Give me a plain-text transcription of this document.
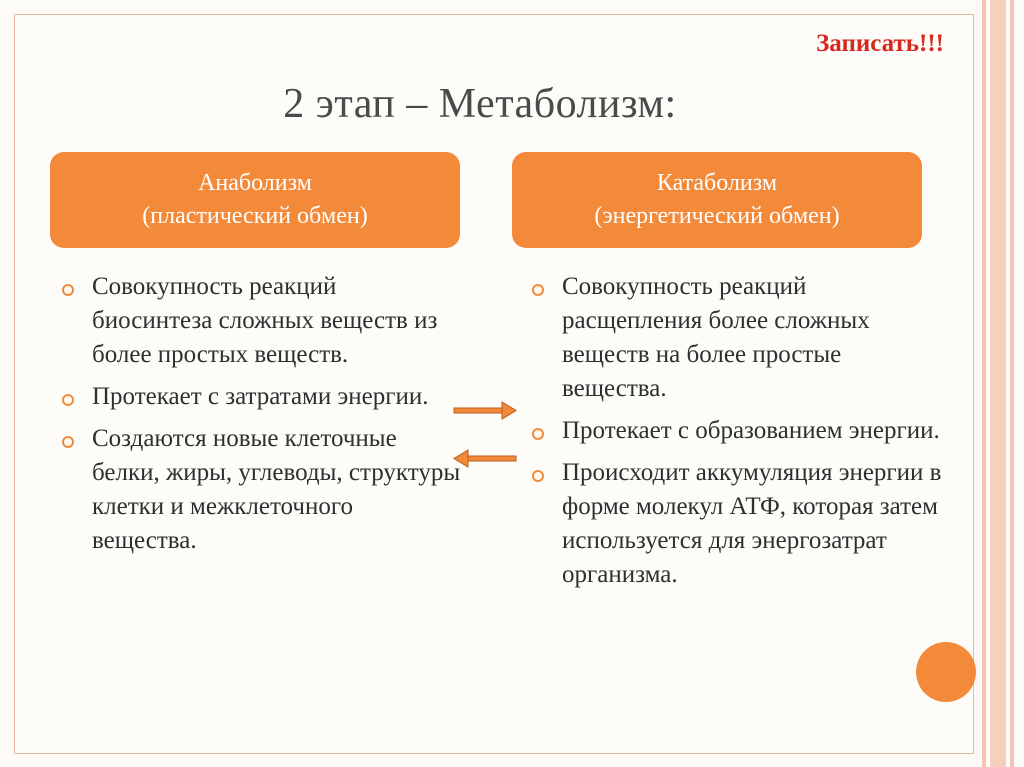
Записать!!!
2 этап – Метаболизм:
Анаболизм
(пластический обмен)
Катаболизм
(энергетический обмен)
Совокупность реакций биосинтеза сложных веществ из более простых веществ.
Протекает с затратами энергии.
Создаются новые клеточные белки, жиры, углеводы, структуры клетки и межклеточного вещества.
Совокупность реакций расщепления более сложных веществ на более простые вещества.
Протекает с образованием энергии.
Происходит аккумуляция энергии в форме молекул АТФ, которая затем используется для энергозатрат организма.
